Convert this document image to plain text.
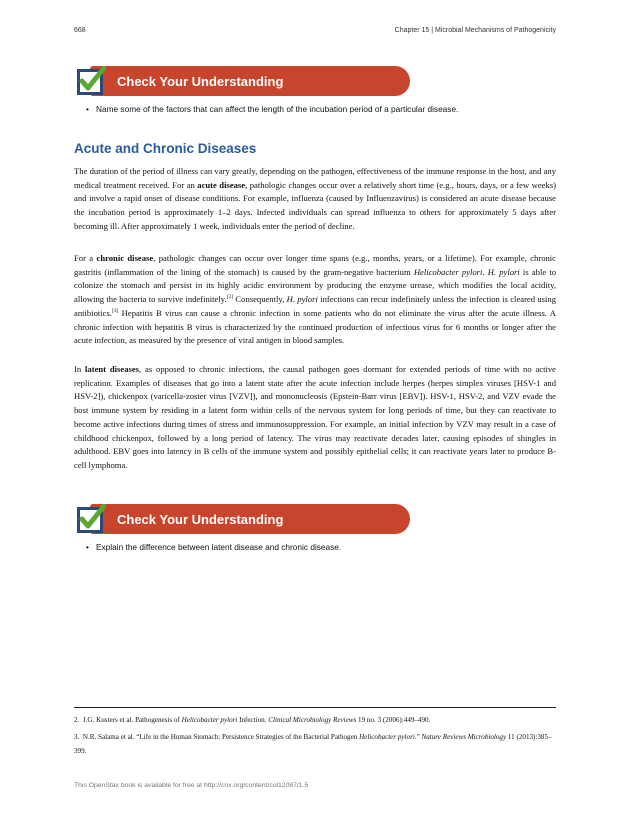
668	Chapter 15 | Microbial Mechanisms of Pathogenicity
Check Your Understanding
• Name some of the factors that can affect the length of the incubation period of a particular disease.
Acute and Chronic Diseases

The duration of the period of illness can vary greatly, depending on the pathogen, effectiveness of the immune response in the host, and any medical treatment received. For an acute disease, pathologic changes occur over a relatively short time (e.g., hours, days, or a few weeks) and involve a rapid onset of disease conditions. For example, influenza (caused by Influenzavirus) is considered an acute disease because the incubation period is approximately 1–2 days. Infected individuals can spread influenza to others for approximately 5 days after becoming ill. After approximately 1 week, individuals enter the period of decline.

For a chronic disease, pathologic changes can occur over longer time spans (e.g., months, years, or a lifetime). For example, chronic gastritis (inflammation of the lining of the stomach) is caused by the gram-negative bacterium Helicobacter pylori. H. pylori is able to colonize the stomach and persist in its highly acidic environment by producing the enzyme urease, which modifies the local acidity, allowing the bacteria to survive indefinitely.[2] Consequently, H. pylori infections can recur indefinitely unless the infection is cleared using antibiotics.[3] Hepatitis B virus can cause a chronic infection in some patients who do not eliminate the virus after the acute illness. A chronic infection with hepatitis B virus is characterized by the continued production of infectious virus for 6 months or longer after the acute infection, as measured by the presence of viral antigen in blood samples.

In latent diseases, as opposed to chronic infections, the causal pathogen goes dormant for extended periods of time with no active replication. Examples of diseases that go into a latent state after the acute infection include herpes (herpes simplex viruses [HSV-1 and HSV-2]), chickenpox (varicella-zoster virus [VZV]), and mononucleosis (Epstein-Barr virus [EBV]). HSV-1, HSV-2, and VZV evade the host immune system by residing in a latent form within cells of the nervous system for long periods of time, but they can reactivate to become active infections during times of stress and immunosuppression. For example, an initial infection by VZV may result in a case of childhood chickenpox, followed by a long period of latency. The virus may reactivate decades later, causing episodes of shingles in adulthood. EBV goes into latency in B cells of the immune system and possibly epithelial cells; it can reactivate years later to produce B-cell lymphoma.

Check Your Understanding
• Explain the difference between latent disease and chronic disease.
2. J.G. Kusters et al. Pathogenesis of Helicobacter pylori Infection. Clinical Microbiology Reviews 19 no. 3 (2006):449–490.
3. N.R. Salama et al. “Life in the Human Stomach: Persistence Strategies of the Bacterial Pathogen Helicobacter pylori.” Nature Reviews Microbiology 11 (2013):385–399.
This OpenStax book is available for free at http://cnx.org/content/col12087/1.5
